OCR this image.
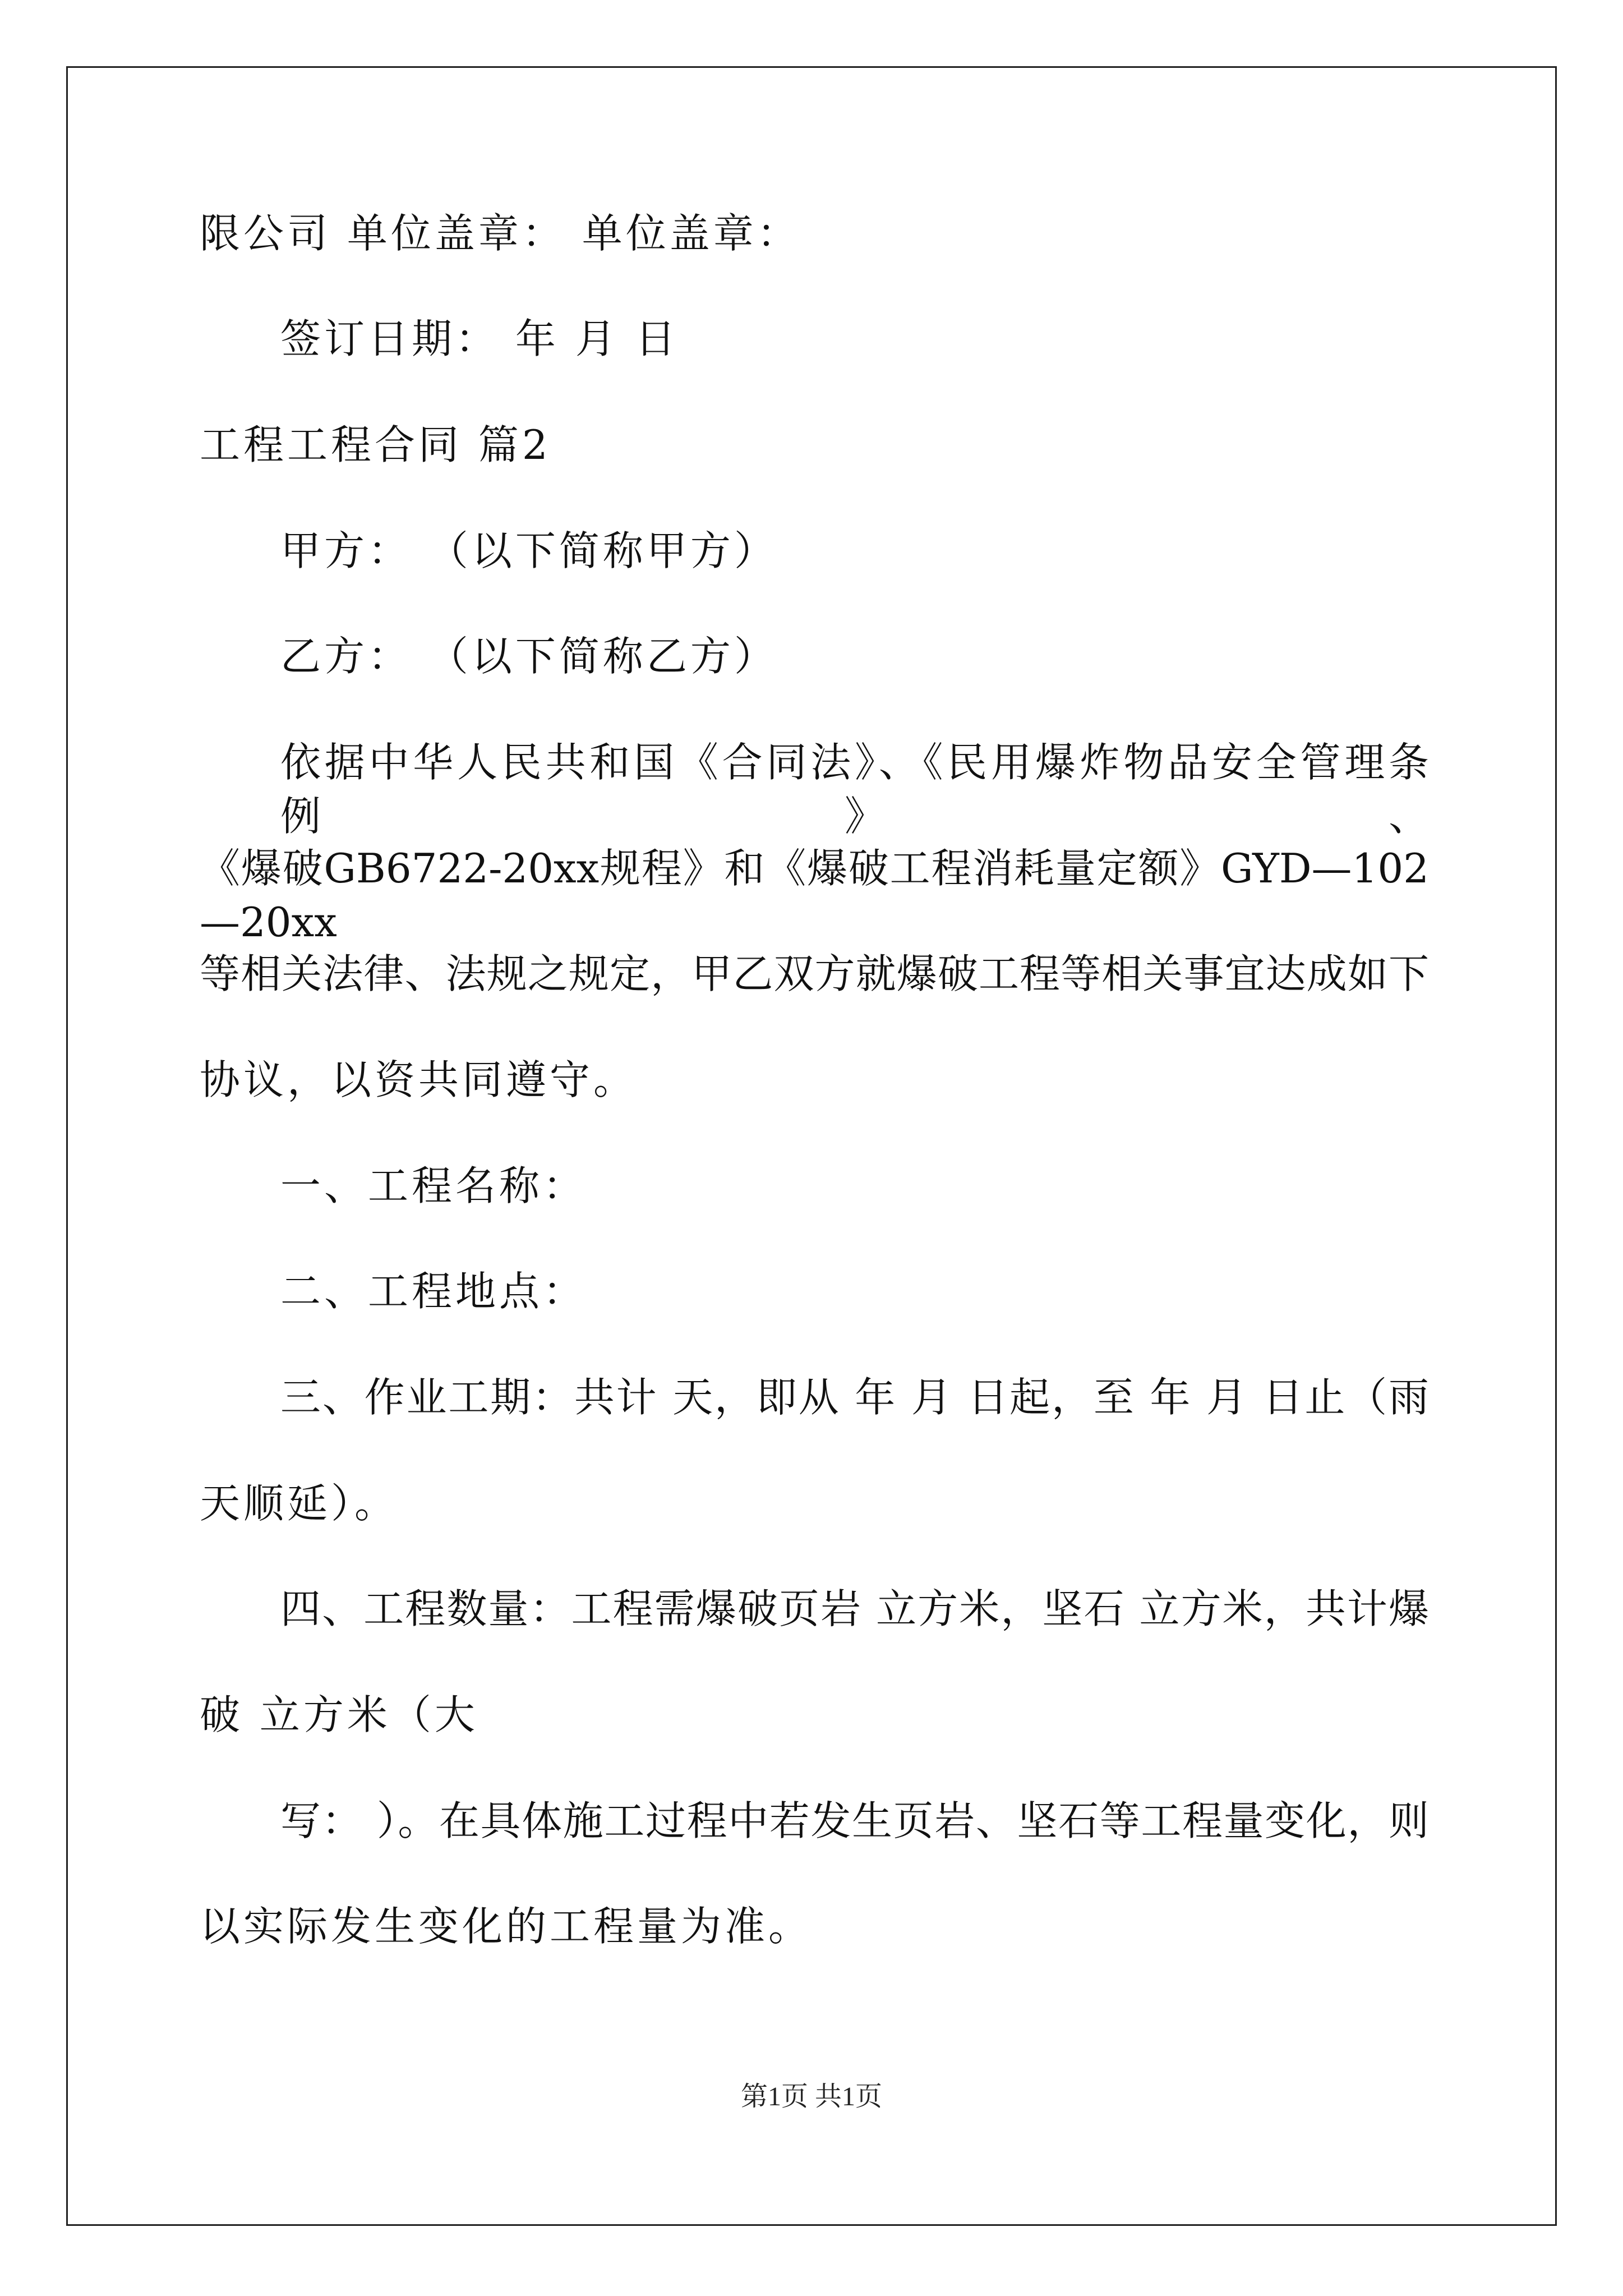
限公司 单位盖章： 单位盖章：
签订日期： 年 月 日
工程工程合同 篇2
甲方： （以下简称甲方）
乙方： （以下简称乙方）
依据中华人民共和国《合同法》、《民用爆炸物品安全管理条例》、
《爆破GB6722-20xx规程》和《爆破工程消耗量定额》GYD—102—20xx
等相关法律、法规之规定，甲乙双方就爆破工程等相关事宜达成如下
协议，以资共同遵守。
一、工程名称：
二、工程地点：
三、作业工期：共计 天，即从 年 月 日起，至 年 月 日止（雨
天顺延）。
四、工程数量：工程需爆破页岩 立方米，坚石 立方米，共计爆
破 立方米（大
写： ）。在具体施工过程中若发生页岩、坚石等工程量变化，则
以实际发生变化的工程量为准。
第1页 共1页
